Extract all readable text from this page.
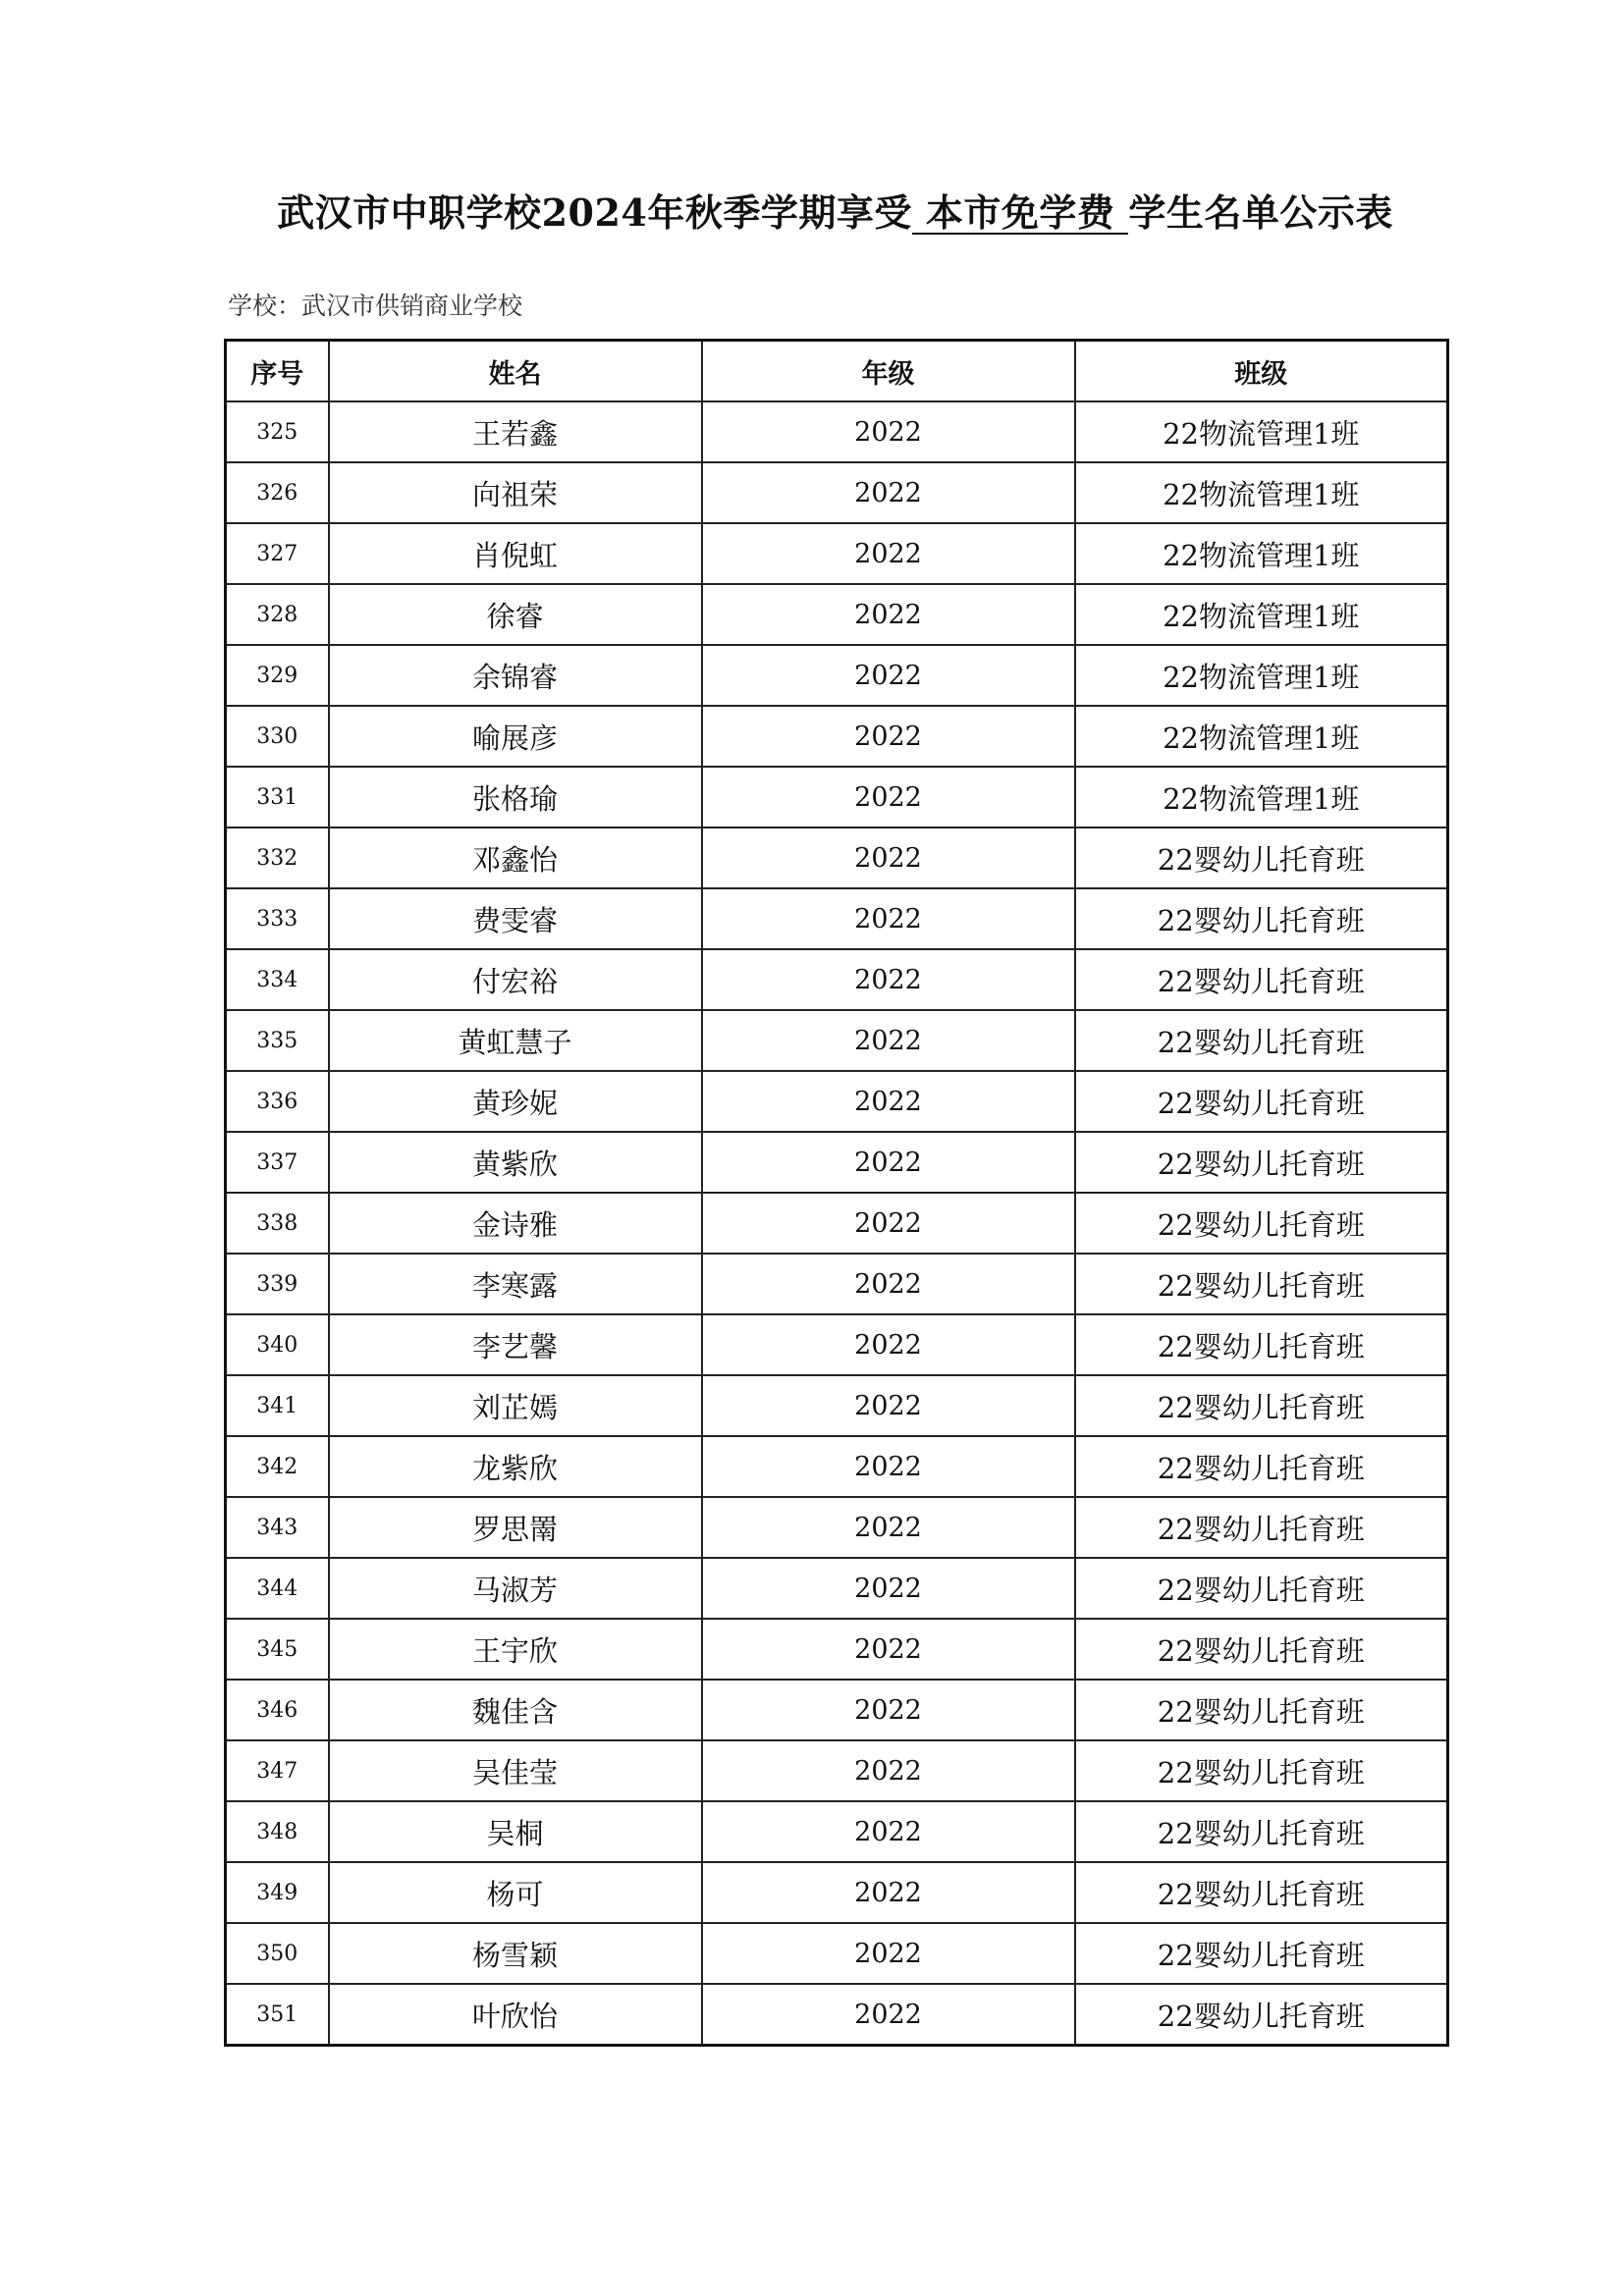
武汉市中职学校2024年秋季学期享受 本市免学费 学生名单公示表
学校：武汉市供销商业学校
序号	姓名	年级	班级
325	王若鑫	2022	22物流管理1班
326	向祖荣	2022	22物流管理1班
327	肖倪虹	2022	22物流管理1班
328	徐睿	2022	22物流管理1班
329	余锦睿	2022	22物流管理1班
330	喻展彦	2022	22物流管理1班
331	张格瑜	2022	22物流管理1班
332	邓鑫怡	2022	22婴幼儿托育班
333	费雯睿	2022	22婴幼儿托育班
334	付宏裕	2022	22婴幼儿托育班
335	黄虹慧子	2022	22婴幼儿托育班
336	黄珍妮	2022	22婴幼儿托育班
337	黄紫欣	2022	22婴幼儿托育班
338	金诗雅	2022	22婴幼儿托育班
339	李寒露	2022	22婴幼儿托育班
340	李艺馨	2022	22婴幼儿托育班
341	刘芷嫣	2022	22婴幼儿托育班
342	龙紫欣	2022	22婴幼儿托育班
343	罗思罱	2022	22婴幼儿托育班
344	马淑芳	2022	22婴幼儿托育班
345	王宇欣	2022	22婴幼儿托育班
346	魏佳含	2022	22婴幼儿托育班
347	吴佳莹	2022	22婴幼儿托育班
348	吴桐	2022	22婴幼儿托育班
349	杨可	2022	22婴幼儿托育班
350	杨雪颖	2022	22婴幼儿托育班
351	叶欣怡	2022	22婴幼儿托育班
